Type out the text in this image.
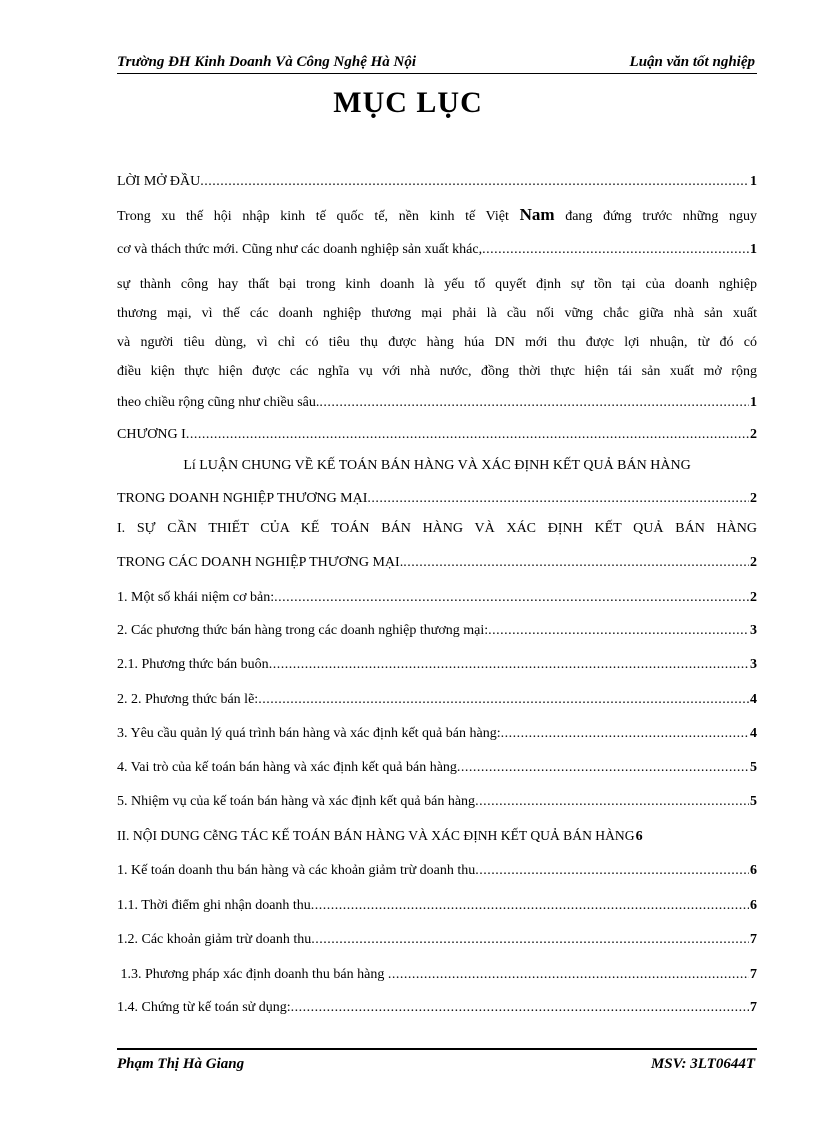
Trường ĐH Kinh Doanh Và Công Nghệ Hà Nội	Luận văn tốt nghiệp
MỤC LỤC
LỜI MỞ ĐẦU .....	1
Trong xu thế hội nhập kinh tế quốc tế, nền kinh tế Việt Nam đang đứng trước những nguy
cơ và thách thức mới. Cũng như các doanh nghiệp sản xuất khác, .....	1
sự thành công hay thất bại trong kinh doanh là yếu tố quyết định sự tồn tại của doanh nghiệp
thương mại, vì thế các doanh nghiệp thương mại phải là cầu nối vững chắc giữa nhà sản xuất
và người tiêu dùng, vì chỉ có tiêu thụ được hàng húa DN mới thu được lợi nhuận, từ đó có
điều kiện thực hiện được các nghĩa vụ với nhà nước, đồng thời thực hiện tái sản xuất mở rộng
theo chiều rộng cũng như chiều sâu. .....	1
CHƯƠNG I .....	2
Lí LUẬN CHUNG VỀ KẾ TOÁN BÁN HÀNG VÀ XÁC ĐỊNH KẾT QUẢ BÁN HÀNG
TRONG DOANH NGHIỆP THƯƠNG MẠI .....	2
I. SỰ CẦN THIẾT CỦA KẾ TOÁN BÁN HÀNG VÀ XÁC ĐỊNH KẾT QUẢ BÁN HÀNG
TRONG CÁC DOANH NGHIỆP THƯƠNG MẠI. .....	2
1. Một số khái niệm cơ bản: .....	2
2. Các phương thức bán hàng trong các doanh nghiệp thương mại: .....	3
2.1. Phương thức bán buôn .....	3
2. 2. Phương thức bán lẽ: .....	4
3. Yêu cầu quản lý quá trình bán hàng và xác định kết quả bán hàng: .....	4
4. Vai trò của kế toán bán hàng và xác định kết quả bán hàng .....	5
5. Nhiệm vụ của kế toán bán hàng và xác định kết quả bán hàng .....	5
II. NỘI DUNG CễNG TÁC KẾ TOÁN BÁN HÀNG VÀ XÁC ĐỊNH KẾT QUẢ BÁN HÀNG 6
1. Kế toán doanh thu bán hàng và các khoản giảm trừ doanh thu .....	6
1.1. Thời điểm ghi nhận doanh thu .....	6
1.2. Các khoản giảm trừ doanh thu .....	7
1.3. Phương pháp xác định doanh thu bán hàng .....	7
1.4. Chứng từ kế toán sử dụng: .....	7
Phạm Thị Hà Giang	MSV: 3LT0644T
